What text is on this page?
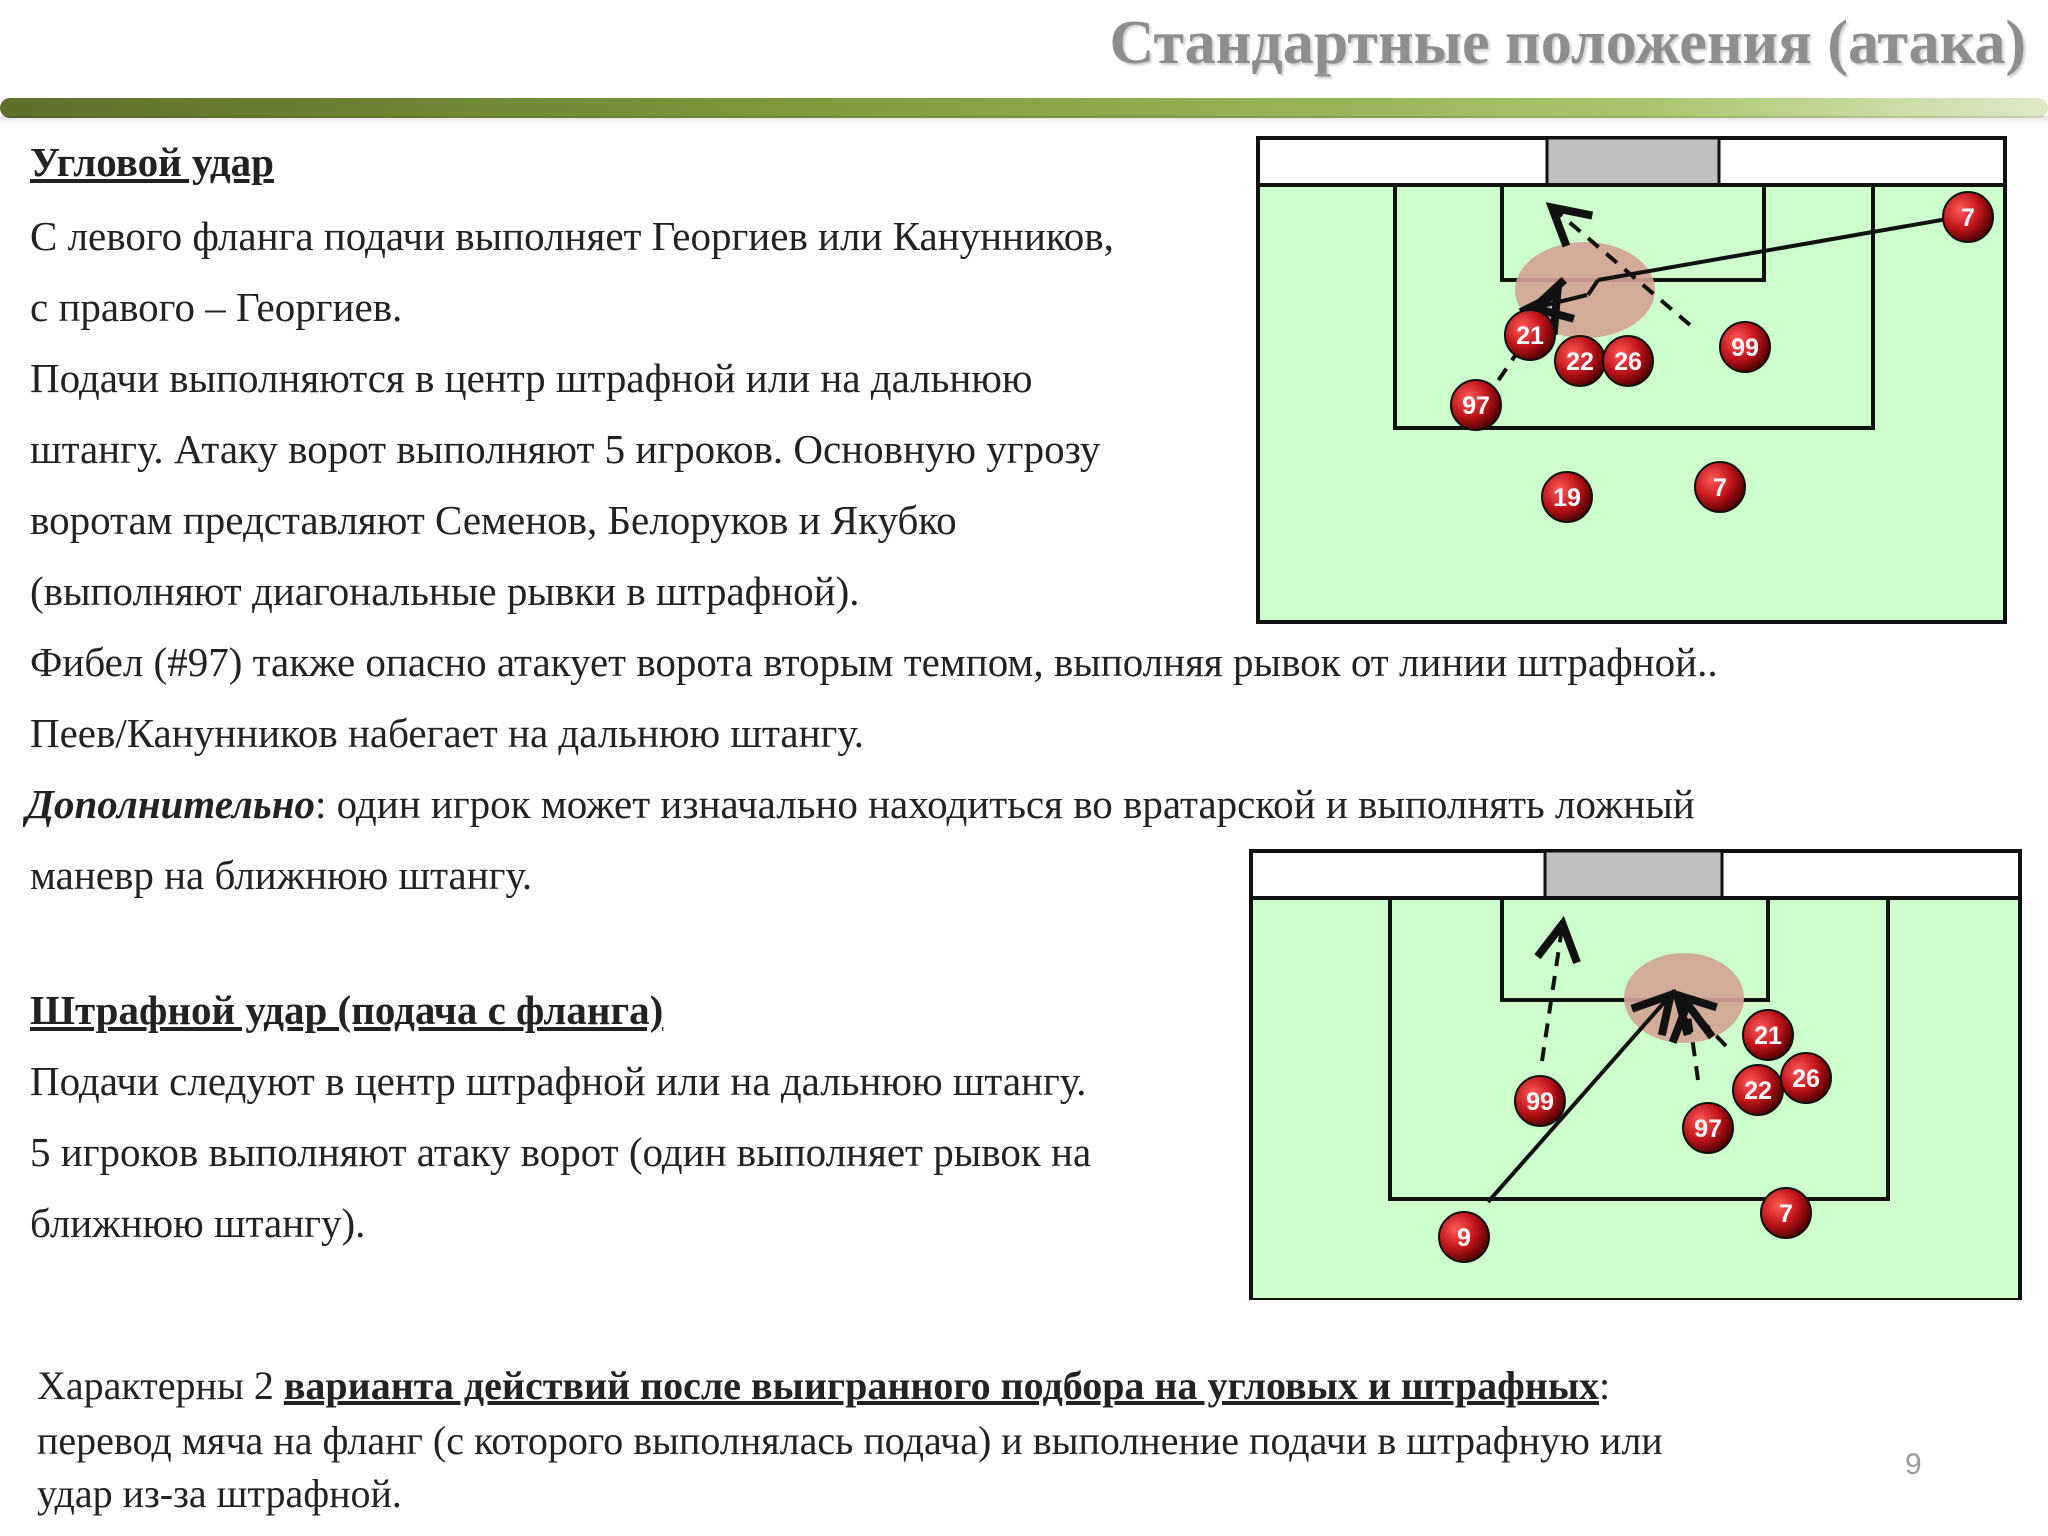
Стандартные положения (атака)
Угловой удар
С левого фланга подачи выполняет Георгиев или Канунников,
с правого – Георгиев.
Подачи выполняются в центр штрафной или на дальнюю
штангу. Атаку ворот выполняют 5 игроков. Основную угрозу
воротам представляют Семенов, Белоруков и Якубко
(выполняют диагональные рывки в штрафной).
Фибел (#97) также опасно атакует ворота вторым темпом, выполняя рывок от линии штрафной..
Пеев/Канунников набегает на дальнюю штангу.
Дополнительно: один игрок может изначально находиться во вратарской и выполнять ложный
маневр на ближнюю штангу.
Штрафной удар (подача с фланга)
Подачи следуют в центр штрафной или на дальнюю штангу.
5 игроков выполняют атаку ворот (один выполняет рывок на
ближнюю штангу).
7
21
22 26	99
97
19	7
21
22 26
99
97
9
7
Характерны 2 варианта действий после выигранного подбора на угловых и штрафных:
перевод мяча на фланг (с которого выполнялась подача) и выполнение подачи в штрафную или
удар из-за штрафной.
9
